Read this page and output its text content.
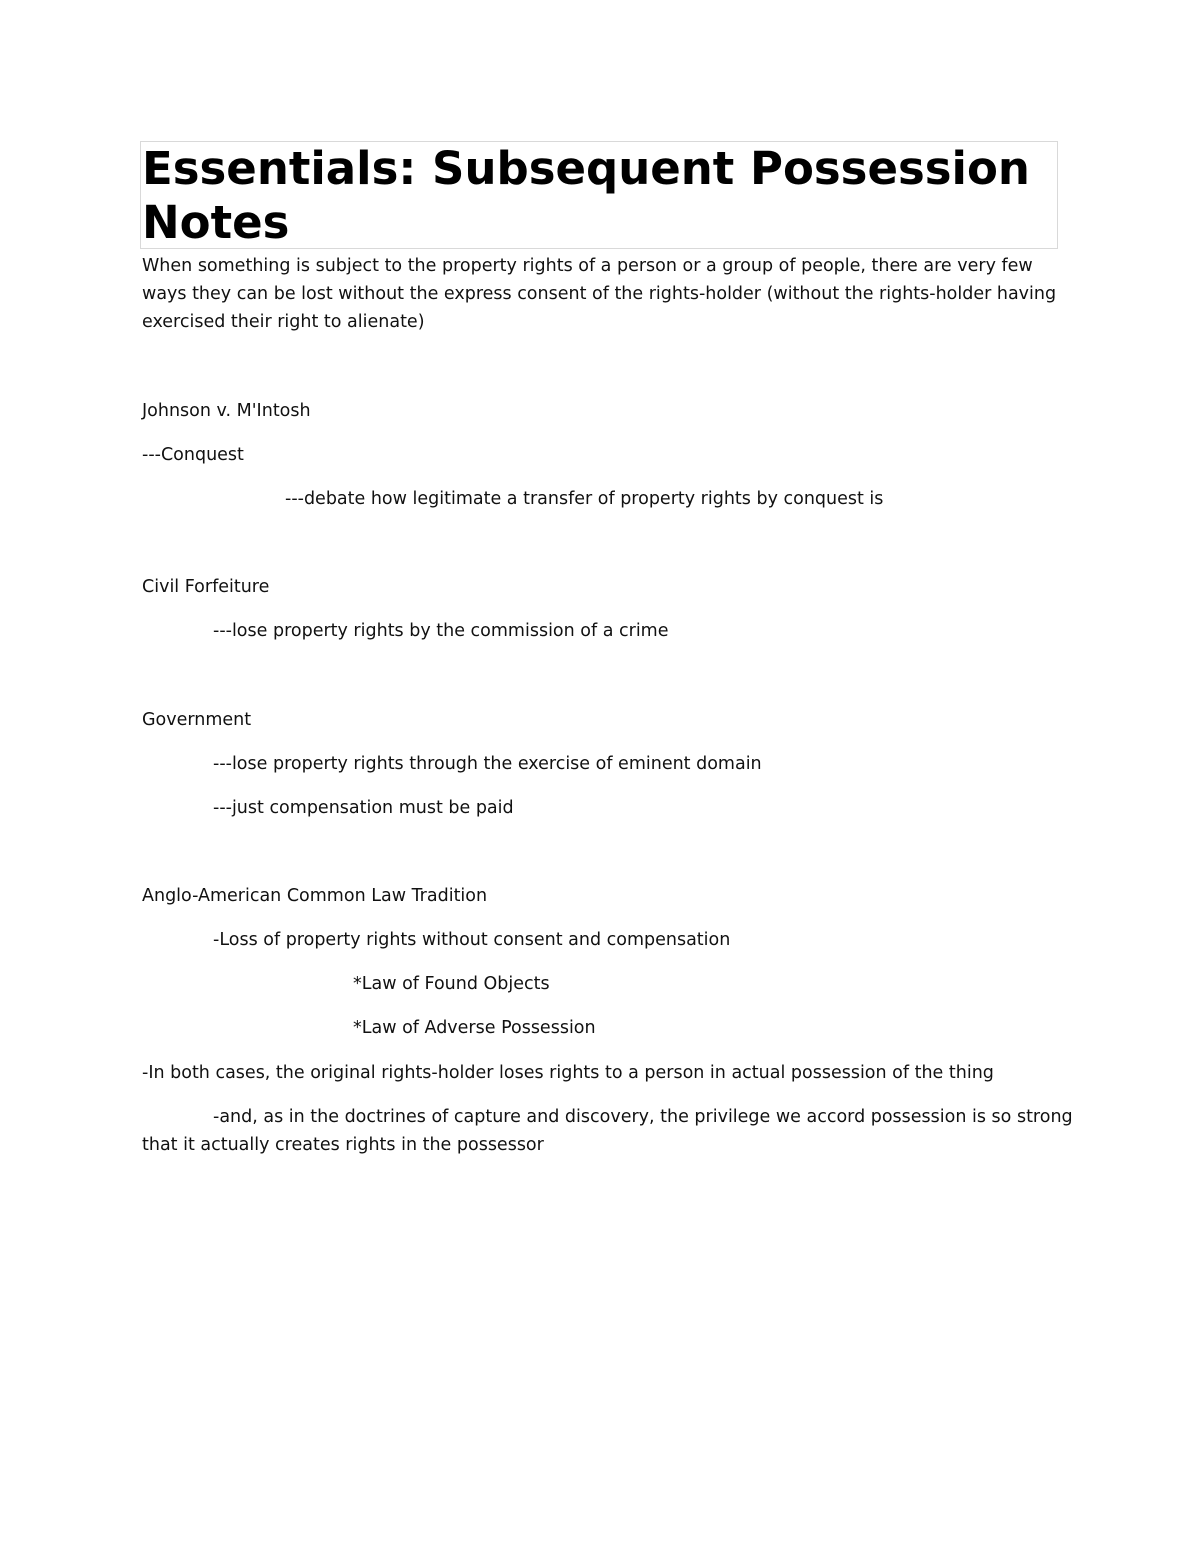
Essentials: Subsequent Possession Notes

When something is subject to the property rights of a person or a group of people, there are very few ways they can be lost without the express consent of the rights-holder (without the rights-holder having exercised their right to alienate)

Johnson v. M'Intosh

---Conquest

---debate how legitimate a transfer of property rights by conquest is

Civil Forfeiture

---lose property rights by the commission of a crime

Government

---lose property rights through the exercise of eminent domain

---just compensation must be paid

Anglo-American Common Law Tradition

-Loss of property rights without consent and compensation

*Law of Found Objects

*Law of Adverse Possession

-In both cases, the original rights-holder loses rights to a person in actual possession of the thing

-and, as in the doctrines of capture and discovery, the privilege we accord possession is so strong

that it actually creates rights in the possessor
